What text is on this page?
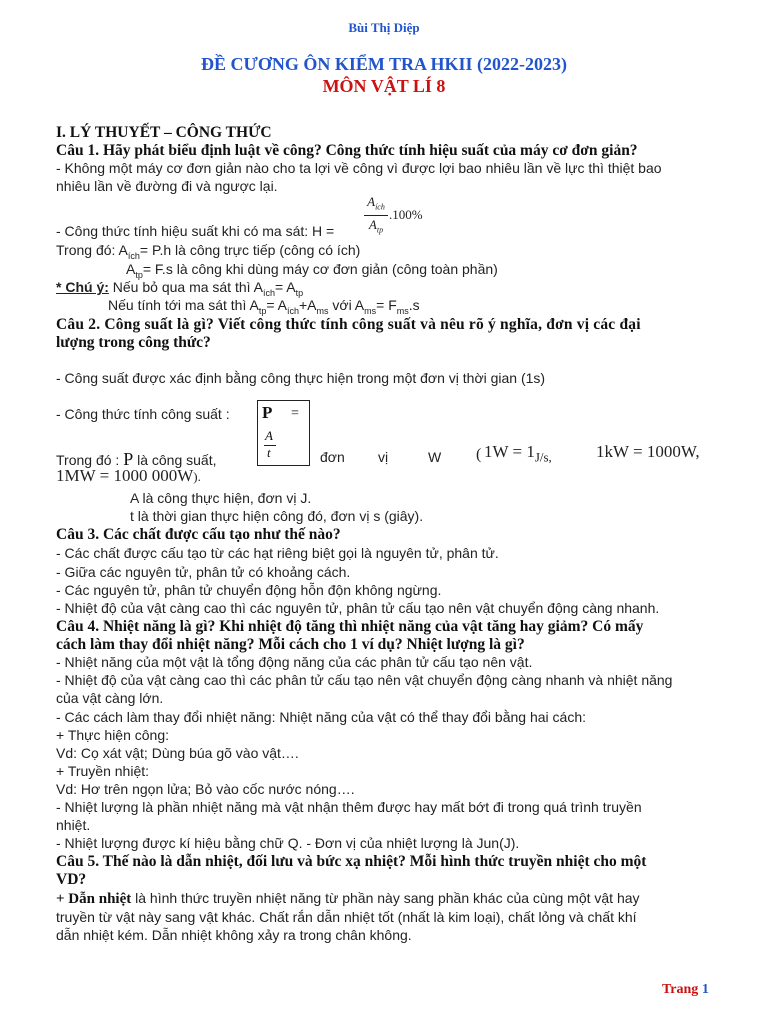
Bùi Thị Diệp
ĐỀ CƯƠNG ÔN KIỂM TRA HKII (2022-2023)
MÔN VẬT LÍ 8
I. LÝ THUYẾT – CÔNG THỨC
Câu 1. Hãy phát biểu định luật về công? Công thức tính hiệu suất của máy cơ đơn giản?
- Không một máy cơ đơn giản nào cho ta lợi về công vì được lợi bao nhiêu lần về lực thì thiệt bao
nhiêu lần về đường đi và ngược lại.
- Công thức tính hiệu suất khi có ma sát: H =
$A_{ích}$
$A_{tp}$
.100%
Trong đó: $A_{ích}= P.h$ là công trực tiếp (công có ích)
$A_{tp}= F.s$ là công khi dùng máy cơ đơn giản (công toàn phần)
* Chú ý: Nếu bỏ qua ma sát thì $A_{ích}= A_{tp}$
Nếu tính tới ma sát thì $A_{tp}= A_{ích}+A_{ms}$ với $A_{ms}= F_{ms}.s$
Câu 2. Công suất là gì? Viết công thức tính công suất và nêu rõ ý nghĩa, đơn vị các đại
lượng trong công thức?
- Công suất được xác định bằng công thực hiện trong một đơn vị thời gian (1s)
- Công thức tính công suất : P =
A
t
Trong đó : P là công suất,	đơn vị	W ( $1W = 1_{J/s,}$	1kW = 1000W,
1MW = 1000 000W).
A là công thực hiện, đơn vị J.
t là thời gian thực hiện công đó, đơn vị s (giây).
Câu 3. Các chất được cấu tạo như thế nào?
- Các chất được cấu tạo từ các hạt riêng biệt gọi là nguyên tử, phân tử.
- Giữa các nguyên tử, phân tử có khoảng cách.
- Các nguyên tử, phân tử chuyển động hỗn độn không ngừng.
- Nhiệt độ của vật càng cao thì các nguyên tử, phân tử cấu tạo nên vật chuyển động càng nhanh.
Câu 4. Nhiệt năng là gì? Khi nhiệt độ tăng thì nhiệt năng của vật tăng hay giảm? Có mấy
cách làm thay đổi nhiệt năng? Mỗi cách cho 1 ví dụ? Nhiệt lượng là gì?
- Nhiệt năng của một vật là tổng động năng của các phân tử cấu tạo nên vật.
- Nhiệt độ của vật càng cao thì các phân tử cấu tạo nên vật chuyển động càng nhanh và nhiệt năng
của vật càng lớn.
- Các cách làm thay đổi nhiệt năng: Nhiệt năng của vật có thể thay đổi bằng hai cách:
+ Thực hiện công:
Vd: Cọ xát vật; Dùng búa gõ vào vật….
+ Truyền nhiệt:
Vd: Hơ trên ngọn lửa; Bỏ vào cốc nước nóng….
- Nhiệt lượng là phần nhiệt năng mà vật nhận thêm được hay mất bớt đi trong quá trình truyền
nhiệt.
- Nhiệt lượng được kí hiệu bằng chữ Q. - Đơn vị của nhiệt lượng là Jun(J).
Câu 5. Thế nào là dẫn nhiệt, đối lưu và bức xạ nhiệt? Mỗi hình thức truyền nhiệt cho một
VD?
+ Dẫn nhiệt là hình thức truyền nhiệt năng từ phần này sang phần khác của cùng một vật hay
truyền từ vật này sang vật khác. Chất rắn dẫn nhiệt tốt (nhất là kim loại), chất lỏng và chất khí
dẫn nhiệt kém. Dẫn nhiệt không xảy ra trong chân không.
Trang 1
